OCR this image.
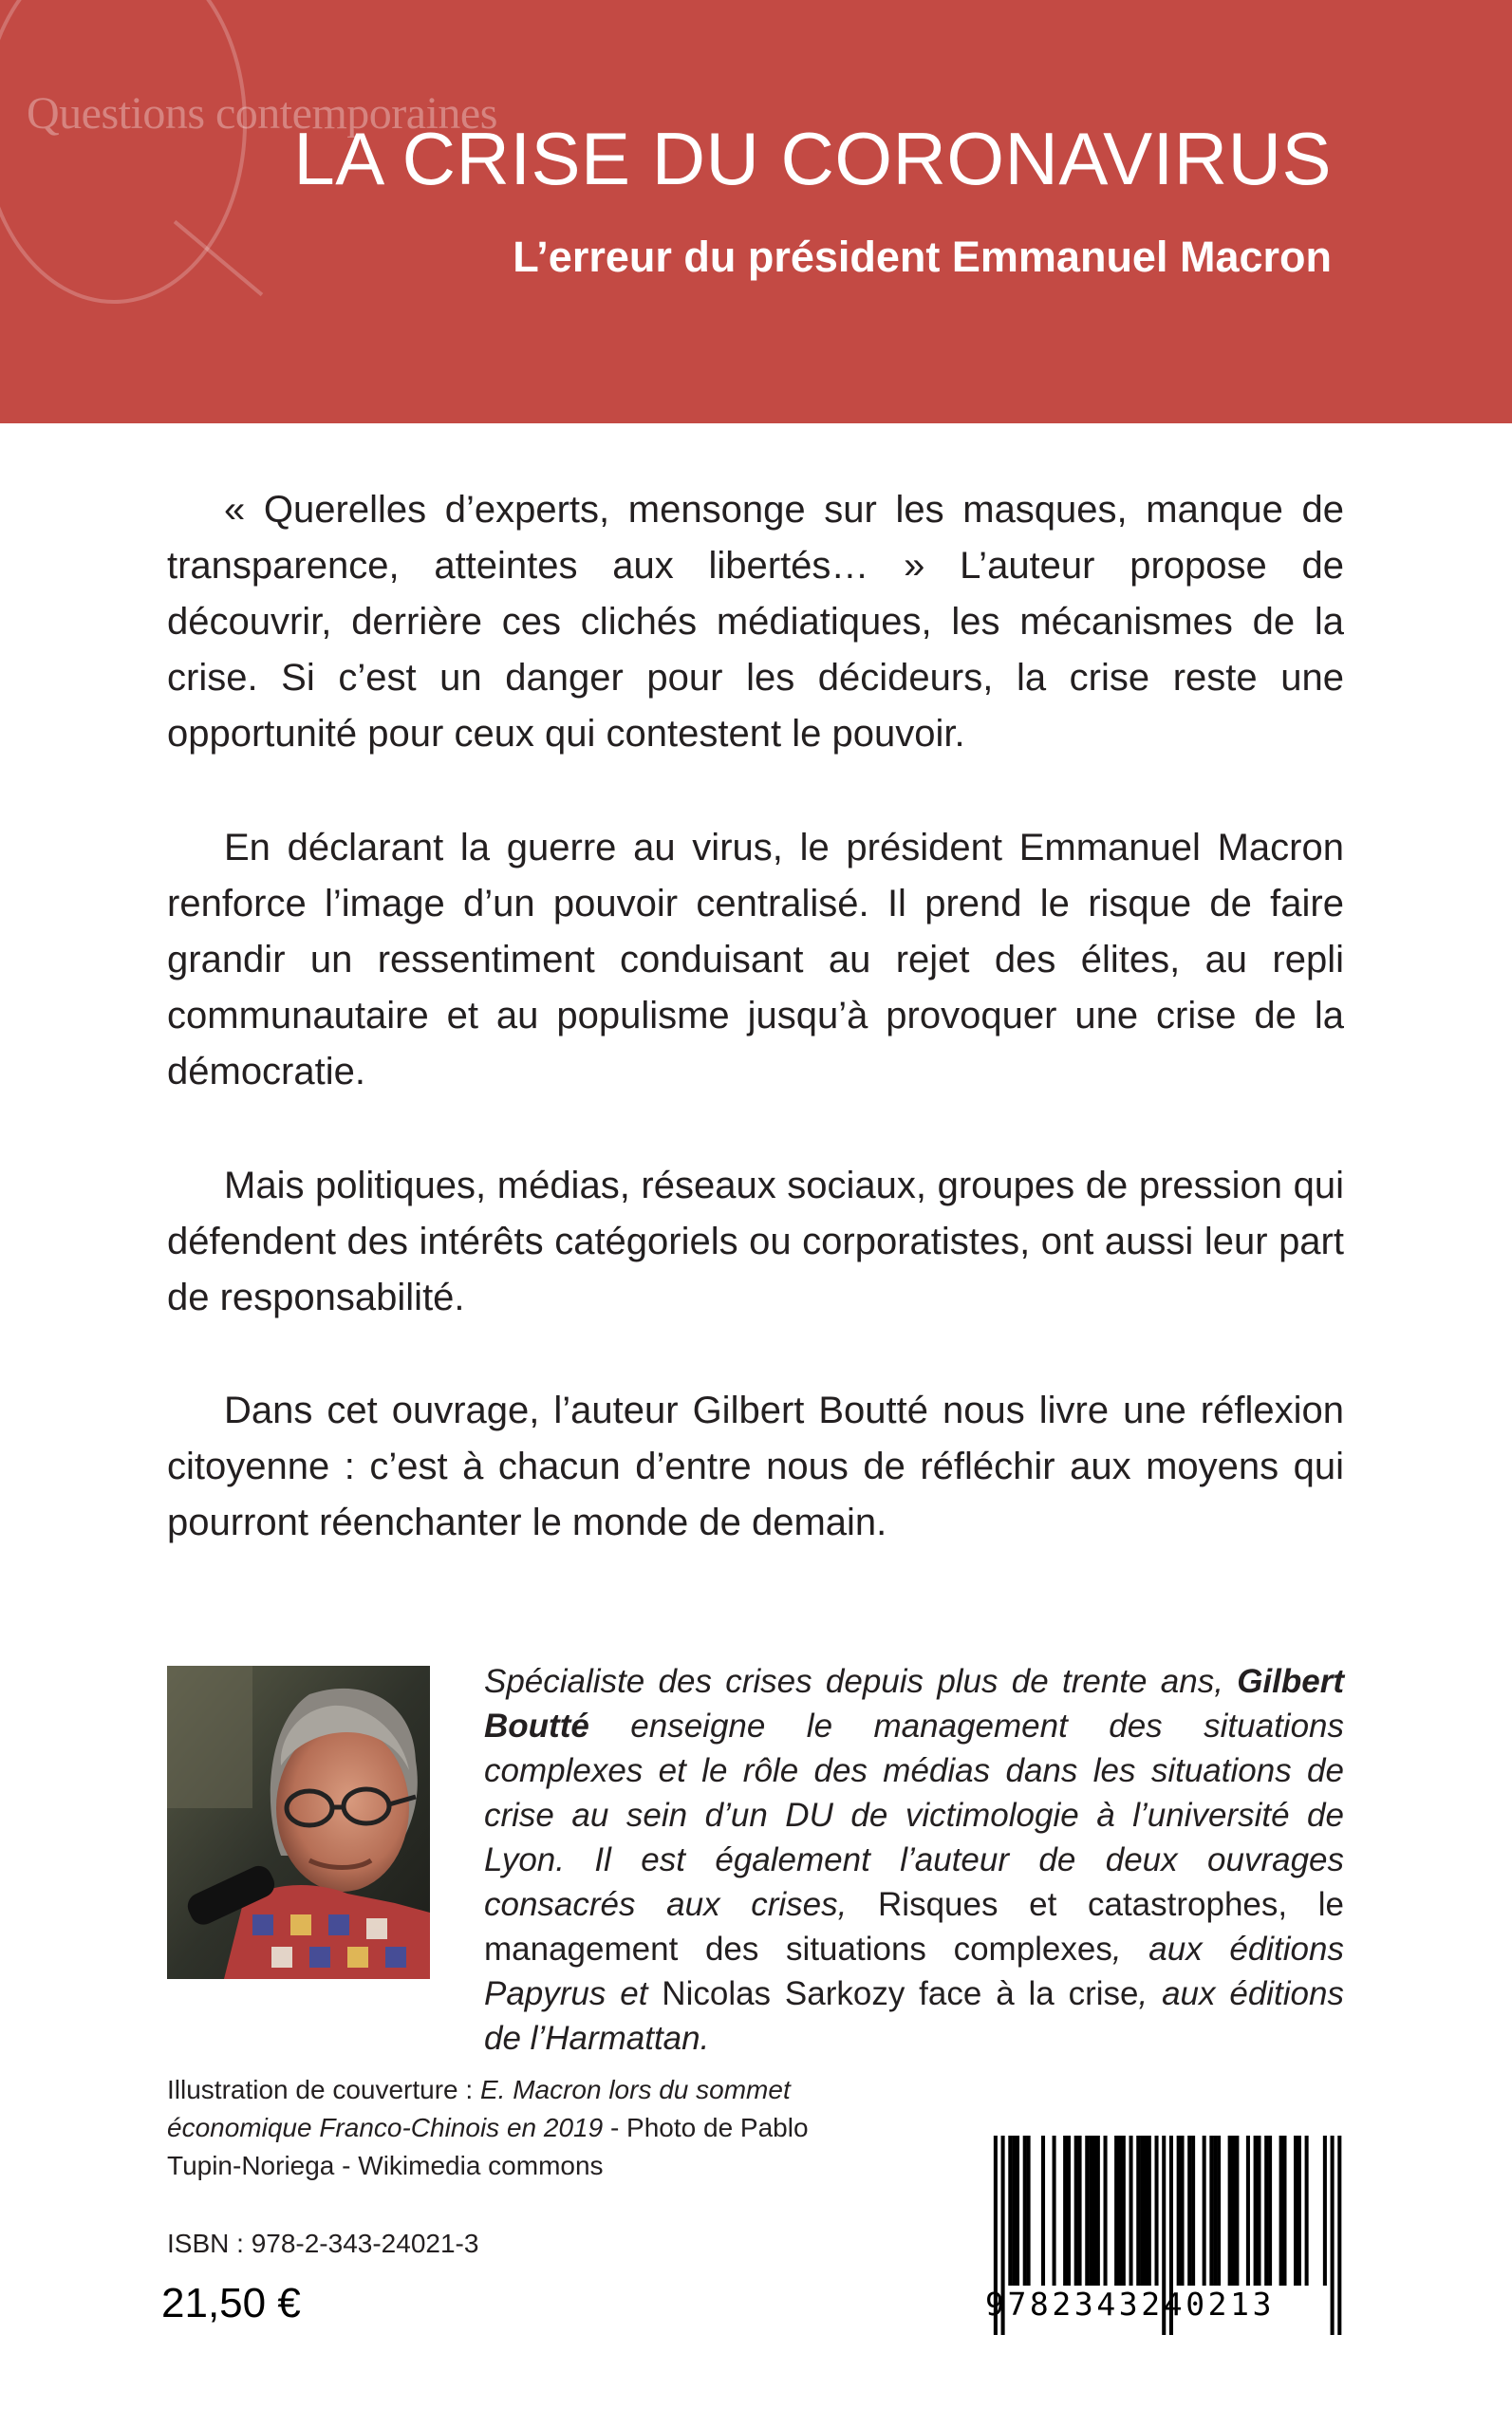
Questions contemporaines
LA CRISE DU CORONAVIRUS
L’erreur du président Emmanuel Macron

« Querelles d’experts, mensonge sur les masques, manque de transparence, atteintes aux libertés… » L’auteur propose de découvrir, derrière ces clichés médiatiques, les mécanismes de la crise. Si c’est un danger pour les décideurs, la crise reste une opportunité pour ceux qui contestent le pouvoir.

En déclarant la guerre au virus, le président Emmanuel Macron renforce l’image d’un pouvoir centralisé. Il prend le risque de faire grandir un ressentiment conduisant au rejet des élites, au repli communautaire et au populisme jusqu’à provoquer une crise de la démocratie.

Mais politiques, médias, réseaux sociaux, groupes de pression qui défendent des intérêts catégoriels ou corporatistes, ont aussi leur part de responsabilité.

Dans cet ouvrage, l’auteur Gilbert Boutté nous livre une réflexion citoyenne : c’est à chacun d’entre nous de réfléchir aux moyens qui pourront réenchanter le monde de demain.

Spécialiste des crises depuis plus de trente ans, Gilbert Boutté enseigne le management des situations complexes et le rôle des médias dans les situations de crise au sein d’un DU de victimologie à l’université de Lyon. Il est également l’auteur de deux ouvrages consacrés aux crises, Risques et catastrophes, le management des situations complexes, aux éditions Papyrus et Nicolas Sarkozy face à la crise, aux éditions de l’Harmattan.

Illustration de couverture : E. Macron lors du sommet économique Franco-Chinois en 2019 - Photo de Pablo Tupin-Noriega - Wikimedia commons

ISBN : 978-2-343-24021-3
21,50 €	9782343240213
